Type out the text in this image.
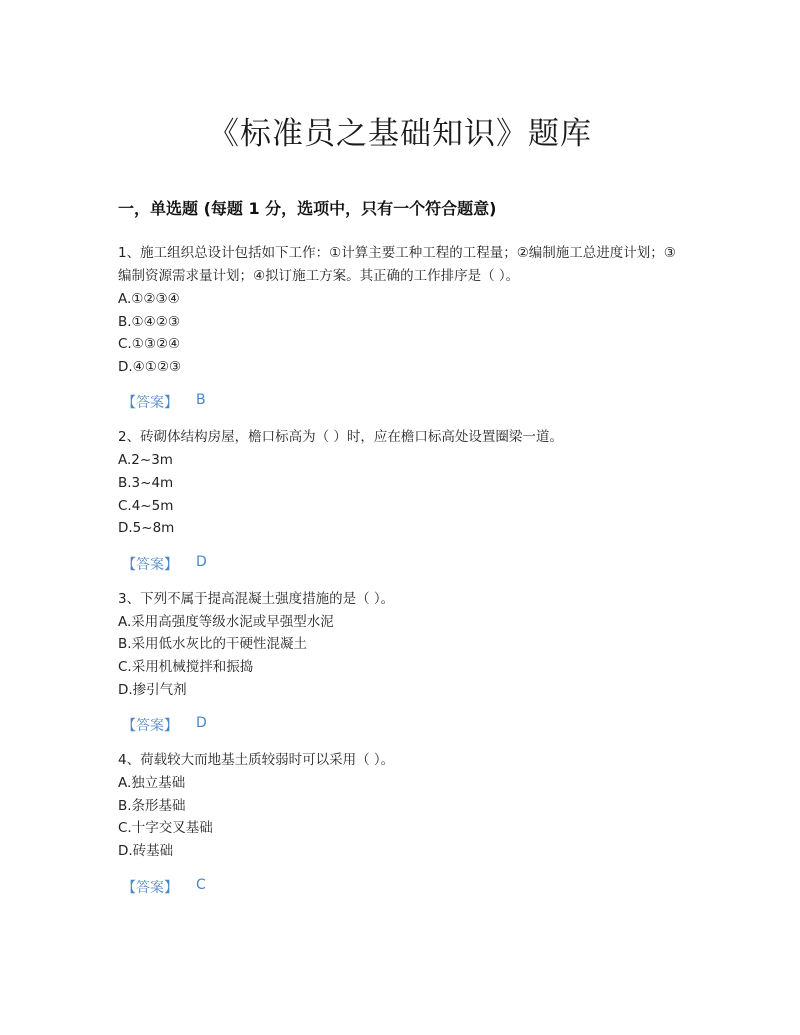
《标准员之基础知识》题库
一，单选题 (每题 1 分，选项中，只有一个符合题意)
1、施工组织总设计包括如下工作：①计算主要工种工程的工程量；②编制施工总进度计划；③编制资源需求量计划；④拟订施工方案。其正确的工作排序是（ ）。
A.①②③④
B.①④②③
C.①③②④
D.④①②③
【答案】 B
2、砖砌体结构房屋，檐口标高为（ ）时，应在檐口标高处设置圈梁一道。
A.2~3m
B.3~4m
C.4~5m
D.5~8m
【答案】 D
3、下列不属于提高混凝土强度措施的是（ ）。
A.采用高强度等级水泥或早强型水泥
B.采用低水灰比的干硬性混凝土
C.采用机械搅拌和振捣
D.掺引气剂
【答案】 D
4、荷载较大而地基土质较弱时可以采用（ ）。
A.独立基础
B.条形基础
C.十字交叉基础
D.砖基础
【答案】 C
